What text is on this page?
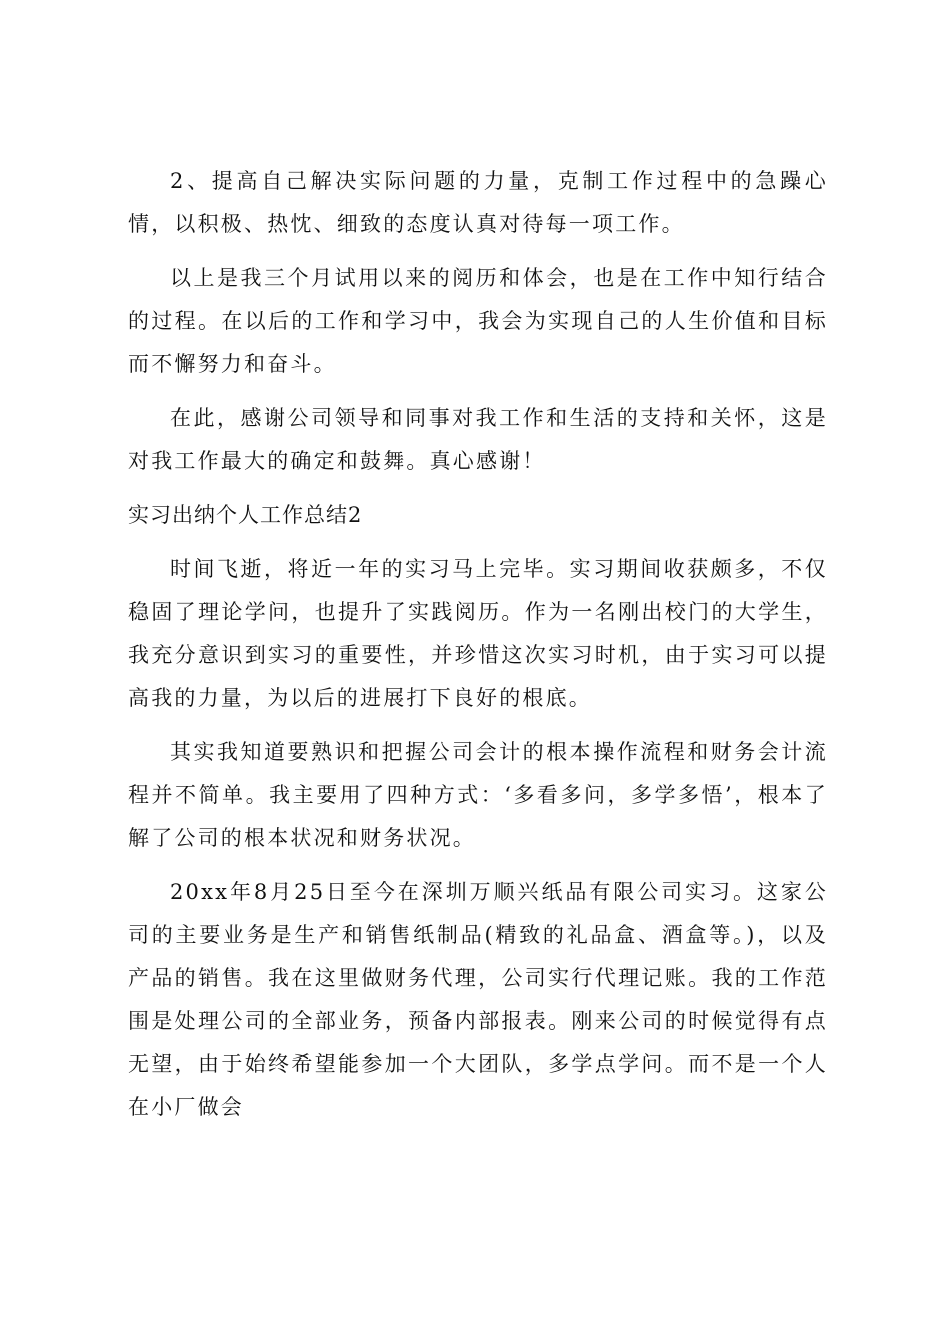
2、提高自己解决实际问题的力量，克制工作过程中的急躁心情，以积极、热忱、细致的态度认真对待每一项工作。

以上是我三个月试用以来的阅历和体会，也是在工作中知行结合的过程。在以后的工作和学习中，我会为实现自己的人生价值和目标而不懈努力和奋斗。

在此，感谢公司领导和同事对我工作和生活的支持和关怀，这是对我工作最大的确定和鼓舞。真心感谢！

实习出纳个人工作总结2

时间飞逝，将近一年的实习马上完毕。实习期间收获颇多，不仅稳固了理论学问，也提升了实践阅历。作为一名刚出校门的大学生，我充分意识到实习的重要性，并珍惜这次实习时机，由于实习可以提高我的力量，为以后的进展打下良好的根底。

其实我知道要熟识和把握公司会计的根本操作流程和财务会计流程并不简单。我主要用了四种方式：‘多看多问，多学多悟’，根本了解了公司的根本状况和财务状况。

20xx年8月25日至今在深圳万顺兴纸品有限公司实习。这家公司的主要业务是生产和销售纸制品(精致的礼品盒、酒盒等。)，以及产品的销售。我在这里做财务代理，公司实行代理记账。我的工作范围是处理公司的全部业务，预备内部报表。刚来公司的时候觉得有点无望，由于始终希望能参加一个大团队，多学点学问。而不是一个人在小厂做会
